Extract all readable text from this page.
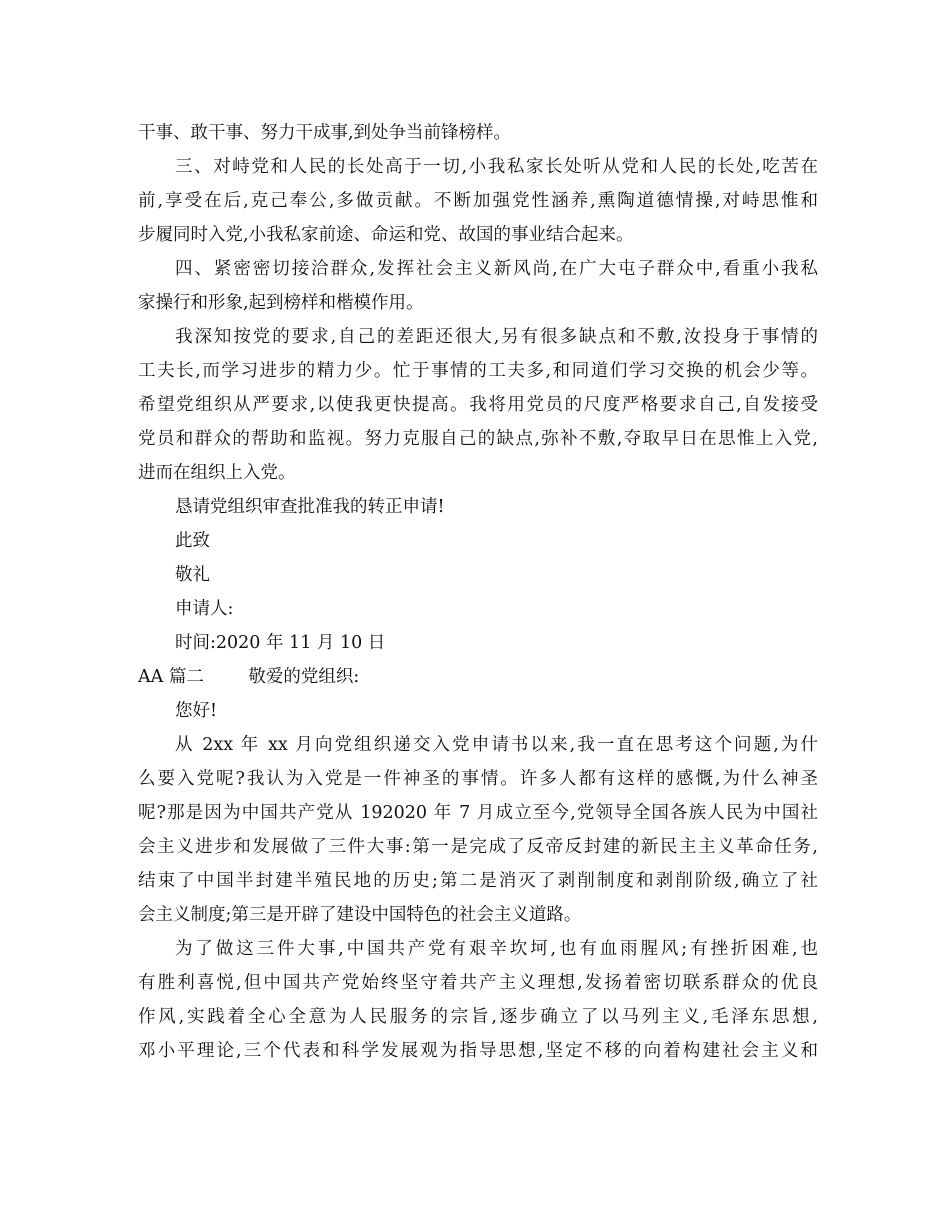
干事、敢干事、努力干成事,到处争当前锋榜样。
三、对峙党和人民的长处高于一切,小我私家长处听从党和人民的长处,吃苦在
前,享受在后,克己奉公,多做贡献。不断加强党性涵养,熏陶道德情操,对峙思惟和
步履同时入党,小我私家前途、命运和党、故国的事业结合起来。
四、紧密密切接洽群众,发挥社会主义新风尚,在广大屯子群众中,看重小我私
家操行和形象,起到榜样和楷模作用。
我深知按党的要求,自己的差距还很大,另有很多缺点和不敷,汝投身于事情的
工夫长,而学习进步的精力少。忙于事情的工夫多,和同道们学习交换的机会少等。
希望党组织从严要求,以使我更快提高。我将用党员的尺度严格要求自己,自发接受
党员和群众的帮助和监视。努力克服自己的缺点,弥补不敷,夺取早日在思惟上入党,
进而在组织上入党。
恳请党组织审查批准我的转正申请!
此致
敬礼
申请人:
时间:2020 年 11 月 10 日
AA 篇二        敬爱的党组织:
您好!
从 2xx 年 xx 月向党组织递交入党申请书以来,我一直在思考这个问题,为什
么要入党呢?我认为入党是一件神圣的事情。许多人都有这样的感慨,为什么神圣
呢?那是因为中国共产党从 192020 年 7 月成立至今,党领导全国各族人民为中国社
会主义进步和发展做了三件大事:第一是完成了反帝反封建的新民主主义革命任务,
结束了中国半封建半殖民地的历史;第二是消灭了剥削制度和剥削阶级,确立了社
会主义制度;第三是开辟了建设中国特色的社会主义道路。
为了做这三件大事,中国共产党有艰辛坎坷,也有血雨腥风;有挫折困难,也
有胜利喜悦,但中国共产党始终坚守着共产主义理想,发扬着密切联系群众的优良
作风,实践着全心全意为人民服务的宗旨,逐步确立了以马列主义,毛泽东思想,
邓小平理论,三个代表和科学发展观为指导思想,坚定不移的向着构建社会主义和
